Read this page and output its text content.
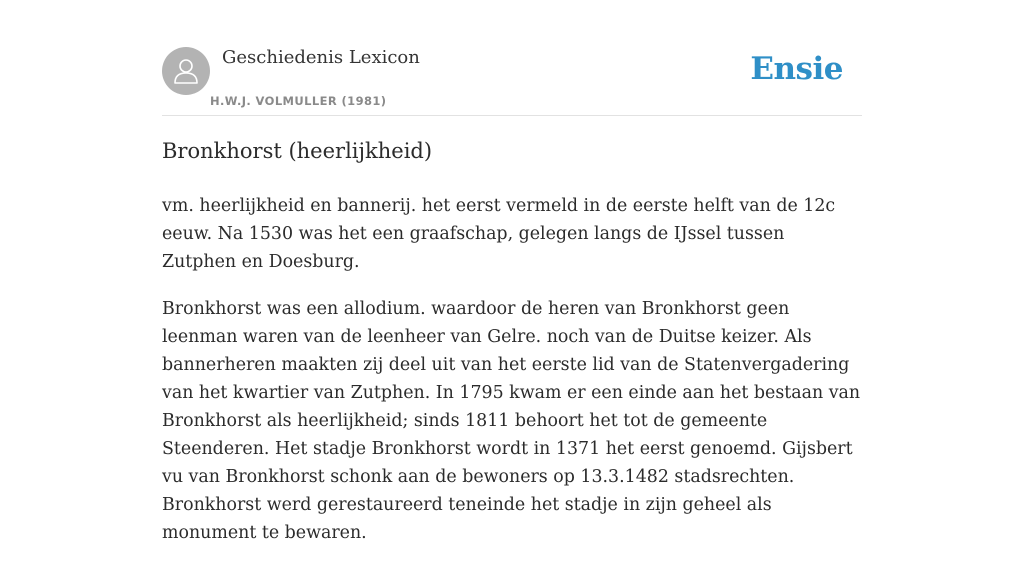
Geschiedenis Lexicon
H.W.J. VOLMULLER (1981)
Ensie
Bronkhorst (heerlijkheid)

vm. heerlijkheid en bannerij. het eerst vermeld in de eerste helft van de 12c eeuw. Na 1530 was het een graafschap, gelegen langs de IJssel tussen Zutphen en Doesburg.

Bronkhorst was een allodium. waardoor de heren van Bronkhorst geen leenman waren van de leenheer van Gelre. noch van de Duitse keizer. Als bannerheren maakten zij deel uit van het eerste lid van de Statenvergadering van het kwartier van Zutphen. In 1795 kwam er een einde aan het bestaan van Bronkhorst als heerlijkheid; sinds 1811 behoort het tot de gemeente Steenderen. Het stadje Bronkhorst wordt in 1371 het eerst genoemd. Gijsbert vu van Bronkhorst schonk aan de bewoners op 13.3.1482 stadsrechten. Bronkhorst werd gerestaureerd teneinde het stadje in zijn geheel als monument te bewaren.
